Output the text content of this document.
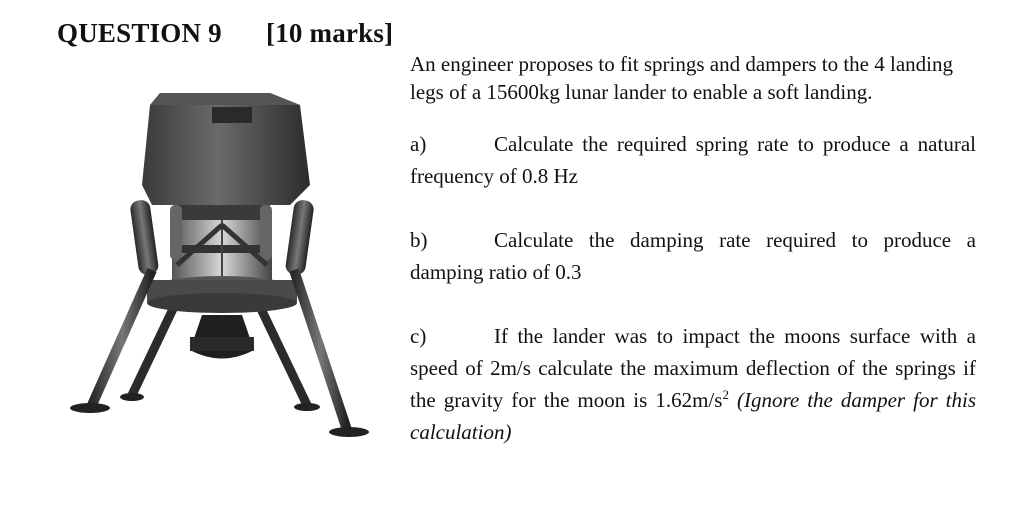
QUESTION 9 [10 marks]

An engineer proposes to fit springs and dampers to the 4 landing legs of a 15600kg lunar lander to enable a soft landing.

a)	Calculate the required spring rate to produce a natural frequency of 0.8 Hz

b)	Calculate the damping rate required to produce a damping ratio of 0.3

c)	If the lander was to impact the moons surface with a speed of 2m/s calculate the maximum deflection of the springs if the gravity for the moon is $1.62m/s^2$ (Ignore the damper for this calculation)
